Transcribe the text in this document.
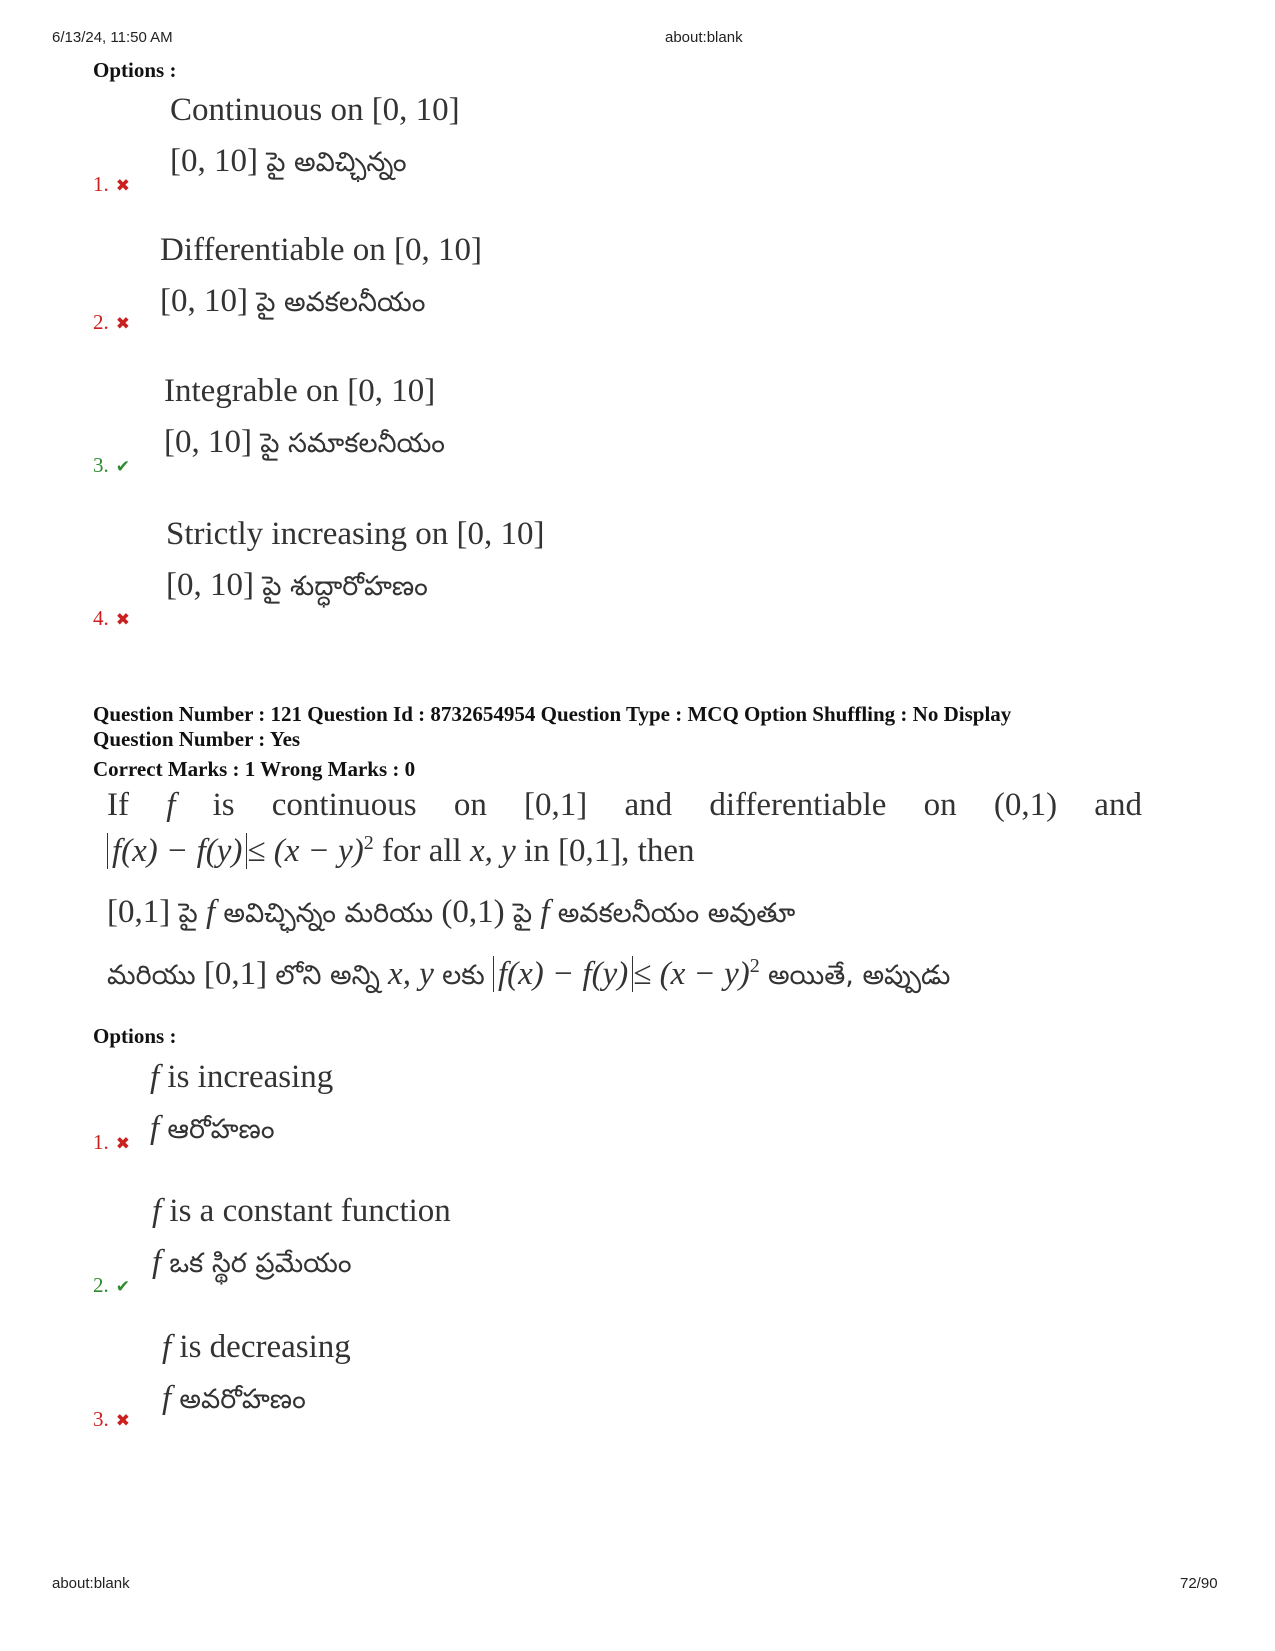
6/13/24, 11:50 AM	about:blank
Options :
Continuous on [0, 10]
[0, 10] పై అవిచ్ఛిన్నం
1. ✖
Differentiable on [0, 10]
[0, 10] పై అవకలనీయం
2. ✖
Integrable on [0, 10]
[0, 10] పై సమాకలనీయం
3. ✔
Strictly increasing on [0, 10]
[0, 10] పై శుద్ధారోహణం
4. ✖
Question Number : 121 Question Id : 8732654954 Question Type : MCQ Option Shuffling : No Display
Question Number : Yes
Correct Marks : 1 Wrong Marks : 0
If f is continuous on [0,1] and differentiable on (0,1) and
$f(x) - f(y) \le (x - y)^2$ for all x, y in [0,1], then
[0,1] పై f అవిచ్ఛిన్నం మరియు (0,1) పై f అవకలనీయం అవుతూ
మరియు [0,1] లోని అన్ని x, y లకు $f(x) - f(y) \le (x - y)^2$ అయితే, అప్పుడు
Options :
f is increasing
f ఆరోహణం
1. ✖
f is a constant function
f ఒక స్థిర ప్రమేయం
2. ✔
f is decreasing
f అవరోహణం
3. ✖
about:blank	72/90
